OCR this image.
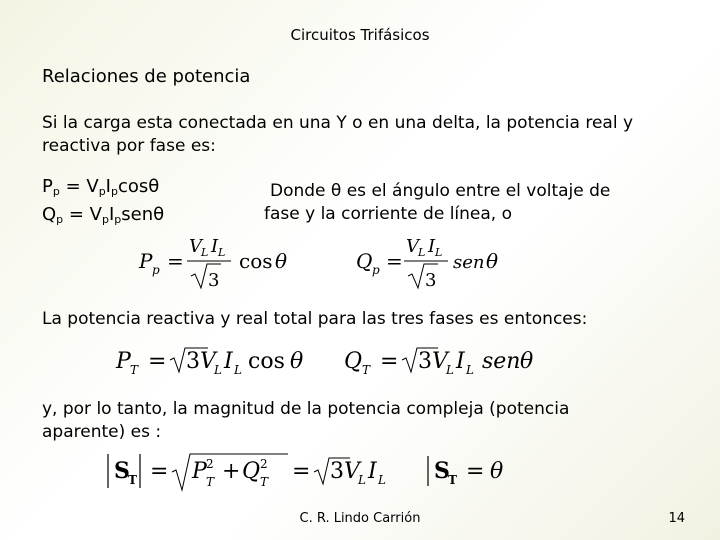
Circuitos Trifásicos
Relaciones de potencia
Si la carga esta conectada en una Y o en una delta, la potencia real y
reactiva por fase es:
$P_p = V_pI_p\cos\theta$
$Q_p = V_pI_psen\theta$
Donde θ es el ángulo entre el voltaje de
fase y la corriente de línea, o
P p =
V L I L
3
cos θ	Q p =
V L I L
3
sen θ
La potencia reactiva y real total para las tres fases es entonces:
P T = 3 V
L I L cos θ Q T = 3 V
L I L sen θ
y, por lo tanto, la magnitud de la potencia compleja (potencia
aparente) es :
S
T = P 2
T + Q 2
T = 3 V
L I L S
T = θ
C. R. Lindo Carrión	14
